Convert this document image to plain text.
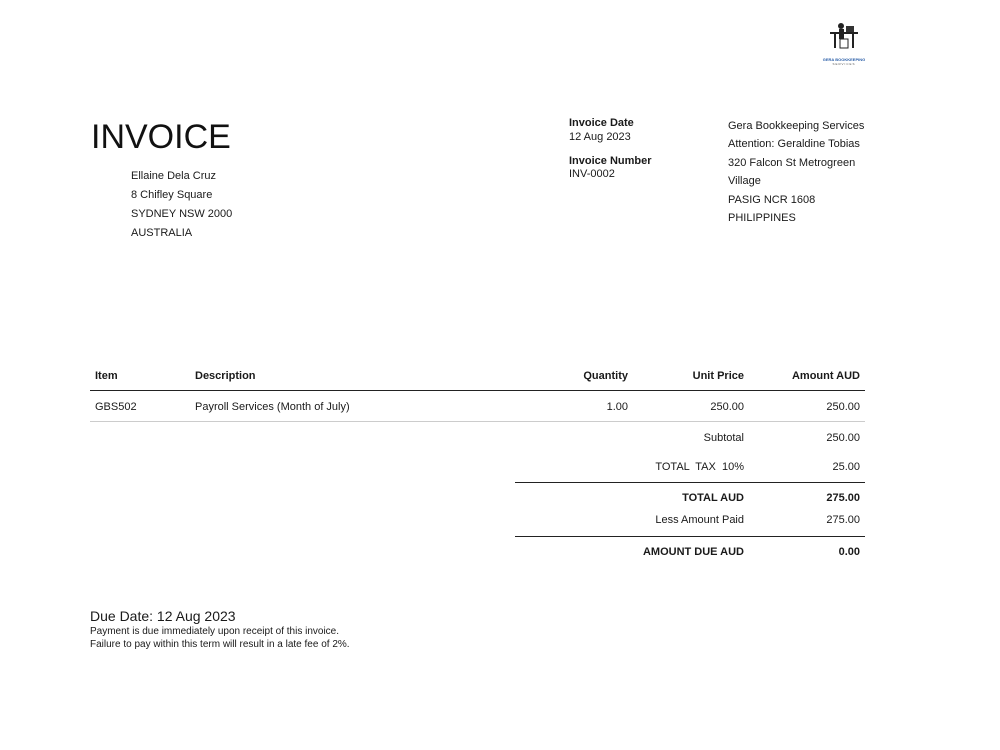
GERA BOOKKEEPING
SERVICES
INVOICE
Ellaine Dela Cruz
8 Chifley Square
SYDNEY NSW 2000
AUSTRALIA
Invoice Date
12 Aug 2023
Invoice Number
INV-0002
Gera Bookkeeping Services
Attention: Geraldine Tobias
320 Falcon St Metrogreen
Village
PASIG NCR 1608
PHILIPPINES
Item	Description	Quantity	Unit Price	Amount AUD
GBS502	Payroll Services (Month of July)	1.00	250.00	250.00
Subtotal	250.00
TOTAL  TAX  10%	25.00
TOTAL AUD	275.00
Less Amount Paid	275.00
AMOUNT DUE AUD	0.00
Due Date: 12 Aug 2023
Payment is due immediately upon receipt of this invoice.
Failure to pay within this term will result in a late fee of 2%.
